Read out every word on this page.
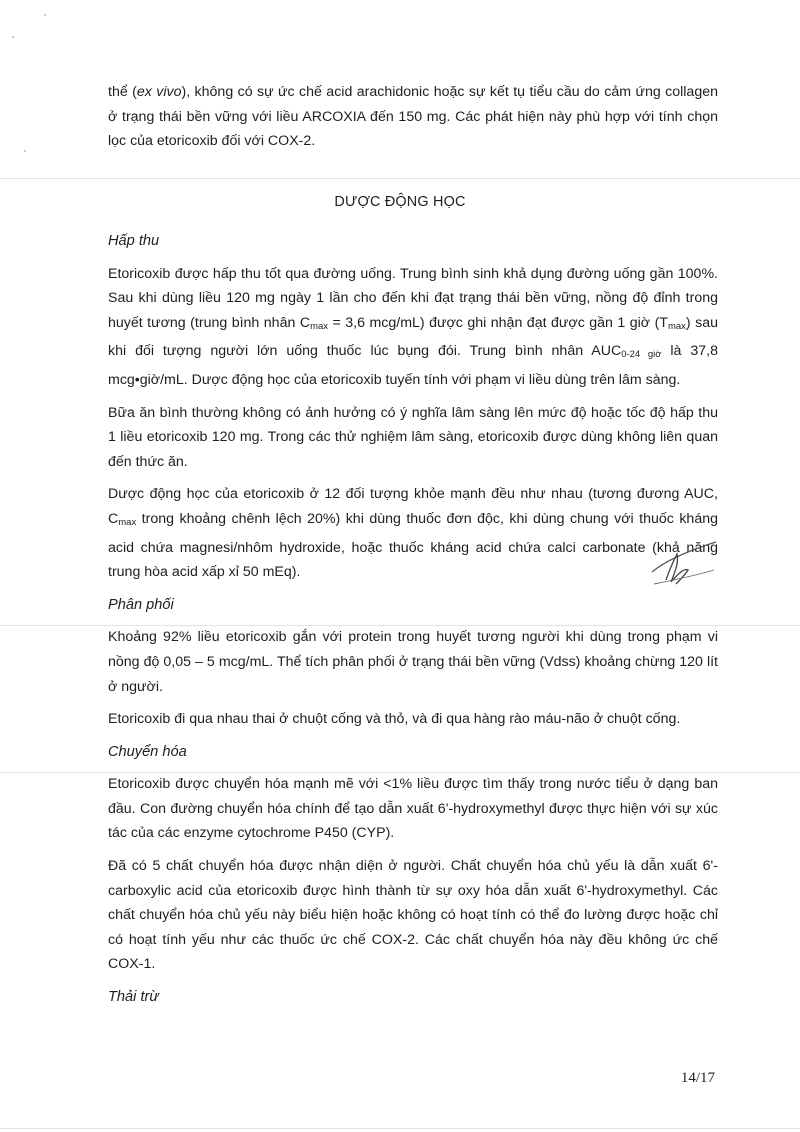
thể (ex vivo), không có sự ức chế acid arachidonic hoặc sự kết tụ tiểu cầu do cảm ứng collagen ở trạng thái bền vững với liều ARCOXIA đến 150 mg. Các phát hiện này phù hợp với tính chọn lọc của etoricoxib đối với COX-2.

DƯỢC ĐỘNG HỌC
Hấp thu

Etoricoxib được hấp thu tốt qua đường uống. Trung bình sinh khả dụng đường uống gần 100%. Sau khi dùng liều 120 mg ngày 1 lần cho đến khi đạt trạng thái bền vững, nồng độ đỉnh trong huyết tương (trung bình nhân $C_{max} = 3,6$ mcg/mL) được ghi nhận đạt được gần 1 giờ $(T_{max})$ sau khi đối tượng người lớn uống thuốc lúc bụng đói. Trung bình nhân $AUC_{0-24 giờ}$ là 37,8 mcg•giờ/mL. Dược động học của etoricoxib tuyến tính với phạm vi liều dùng trên lâm sàng.

Bữa ăn bình thường không có ảnh hưởng có ý nghĩa lâm sàng lên mức độ hoặc tốc độ hấp thu 1 liều etoricoxib 120 mg. Trong các thử nghiệm lâm sàng, etoricoxib được dùng không liên quan đến thức ăn.

Dược động học của etoricoxib ở 12 đối tượng khỏe mạnh đều như nhau (tương đương AUC, $C_{max}$ trong khoảng chênh lệch 20%) khi dùng thuốc đơn độc, khi dùng chung với thuốc kháng acid chứa magnesi/nhôm hydroxide, hoặc thuốc kháng acid chứa calci carbonate (khả năng trung hòa acid xấp xỉ 50 mEq).

Phân phối

Khoảng 92% liều etoricoxib gắn với protein trong huyết tương người khi dùng trong phạm vi nồng độ 0,05 – 5 mcg/mL. Thể tích phân phối ở trạng thái bền vững (Vdss) khoảng chừng 120 lít ở người.

Etoricoxib đi qua nhau thai ở chuột cống và thỏ, và đi qua hàng rào máu-não ở chuột cống.

Chuyển hóa

Etoricoxib được chuyển hóa mạnh mẽ với <1% liều được tìm thấy trong nước tiểu ở dạng ban đầu. Con đường chuyển hóa chính để tạo dẫn xuất 6'-hydroxymethyl được thực hiện với sự xúc tác của các enzyme cytochrome P450 (CYP).

Đã có 5 chất chuyển hóa được nhận diện ở người. Chất chuyển hóa chủ yếu là dẫn xuất 6'-carboxylic acid của etoricoxib được hình thành từ sự oxy hóa dẫn xuất 6'-hydroxymethyl. Các chất chuyển hóa chủ yếu này biểu hiện hoặc không có hoạt tính có thể đo lường được hoặc chỉ có hoạt tính yếu như các thuốc ức chế COX-2. Các chất chuyển hóa này đều không ức chế COX-1.

Thải trừ
14/17
